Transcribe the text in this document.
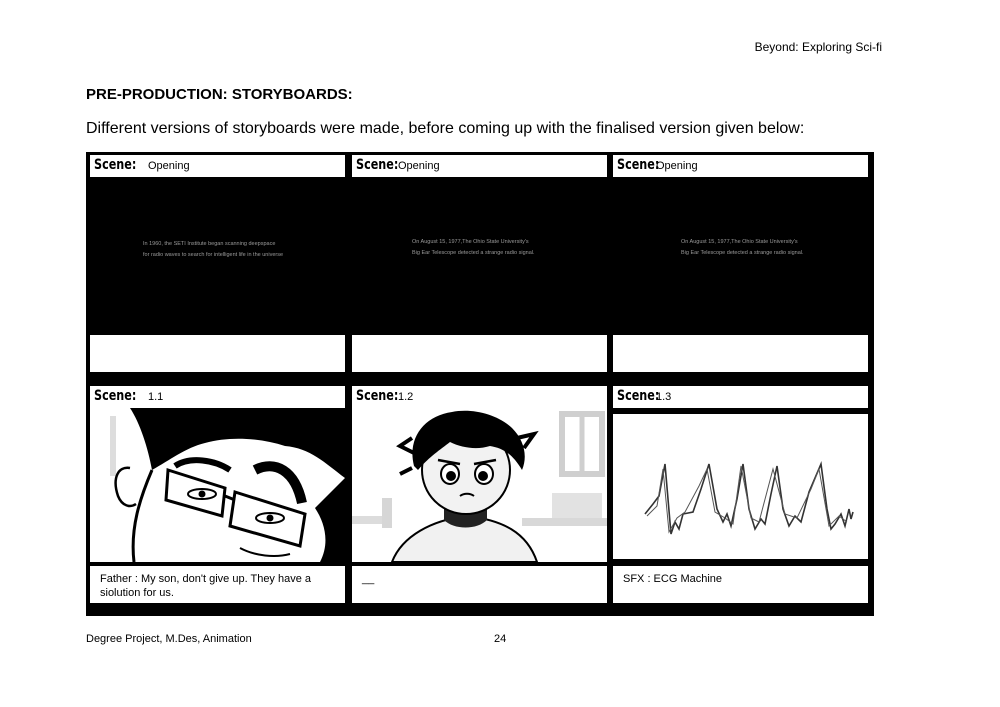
Beyond: Exploring Sci-fi
PRE-PRODUCTION: STORYBOARDS:
Different versions of storyboards were made, before coming up with the finalised version given below:
Scene: Opening
In 1960, the SETI Institute began scanning deepspace
for radio waves to search for intelligent life in the universe
Scene: Opening
On August 15, 1977,The Ohio State University's
Big Ear Telescope detected a strange radio signal.
Scene:
Opening
On August 15, 1977,The Ohio State University's
Big Ear Telescope detected a strange radio signal.
Scene: 1.1
Father : My son, don't give up. They have a siolution for us.
Scene: 1.2
__
Scene:
1.3
SFX : ECG Machine
Degree Project, M.Des, Animation	24
